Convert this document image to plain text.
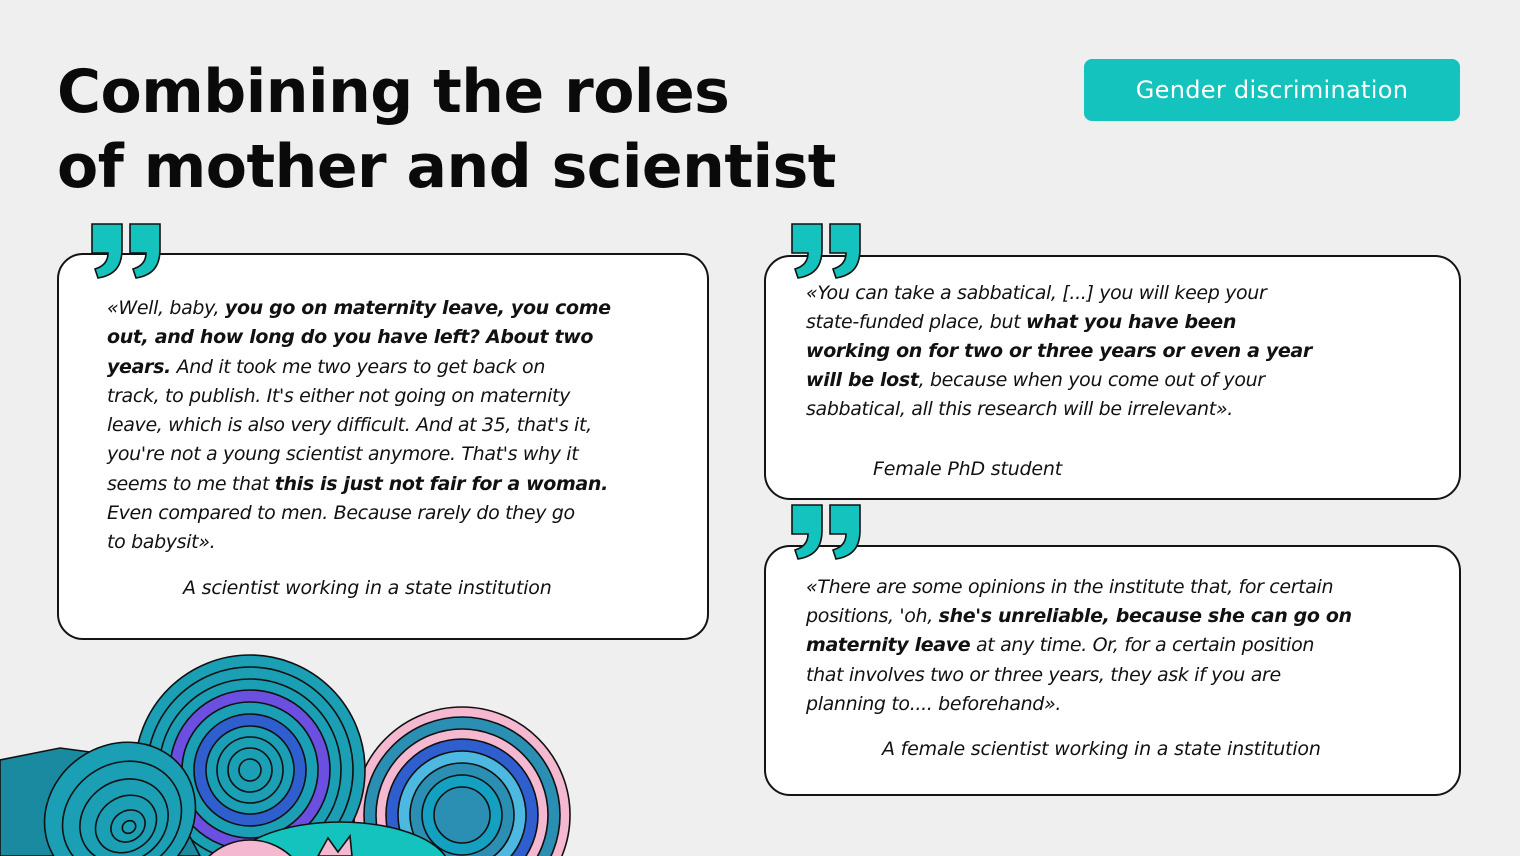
Combining the roles
of mother and scientist
Gender discrimination

«Well, baby, you go on maternity leave, you come
out, and how long do you have left? About two
years. And it took me two years to get back on
track, to publish. It's either not going on maternity
leave, which is also very difficult. And at 35, that's it,
you're not a young scientist anymore. That's why it
seems to me that this is just not fair for a woman.
Even compared to men. Because rarely do they go
to babysit».

A scientist working in a state institution

«You can take a sabbatical, [...] you will keep your
state-funded place, but what you have been
working on for two or three years or even a year
will be lost, because when you come out of your
sabbatical, all this research will be irrelevant».

Female PhD student

«There are some opinions in the institute that, for certain
positions, 'oh, she's unreliable, because she can go on
maternity leave at any time. Or, for a certain position
that involves two or three years, they ask if you are
planning to.... beforehand».

A female scientist working in a state institution
